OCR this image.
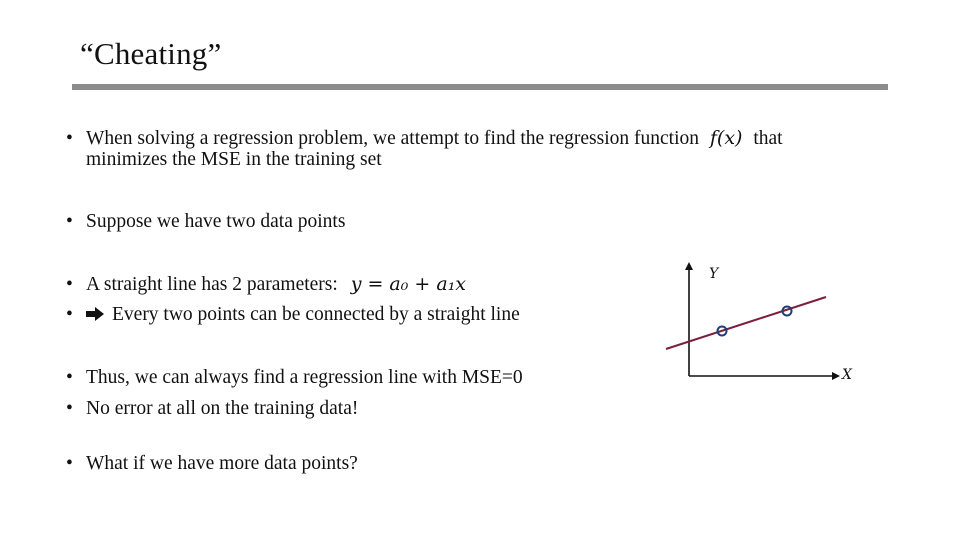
“Cheating”
• When solving a regression problem, we attempt to find the regression function f(x) that
minimizes the MSE in the training set
• Suppose we have two data points
• A straight line has 2 parameters: y = a₀ + a₁x
•	Every two points can be connected by a straight line
• Thus, we can always find a regression line with MSE=0
• No error at all on the training data!
• What if we have more data points?
Y
X
